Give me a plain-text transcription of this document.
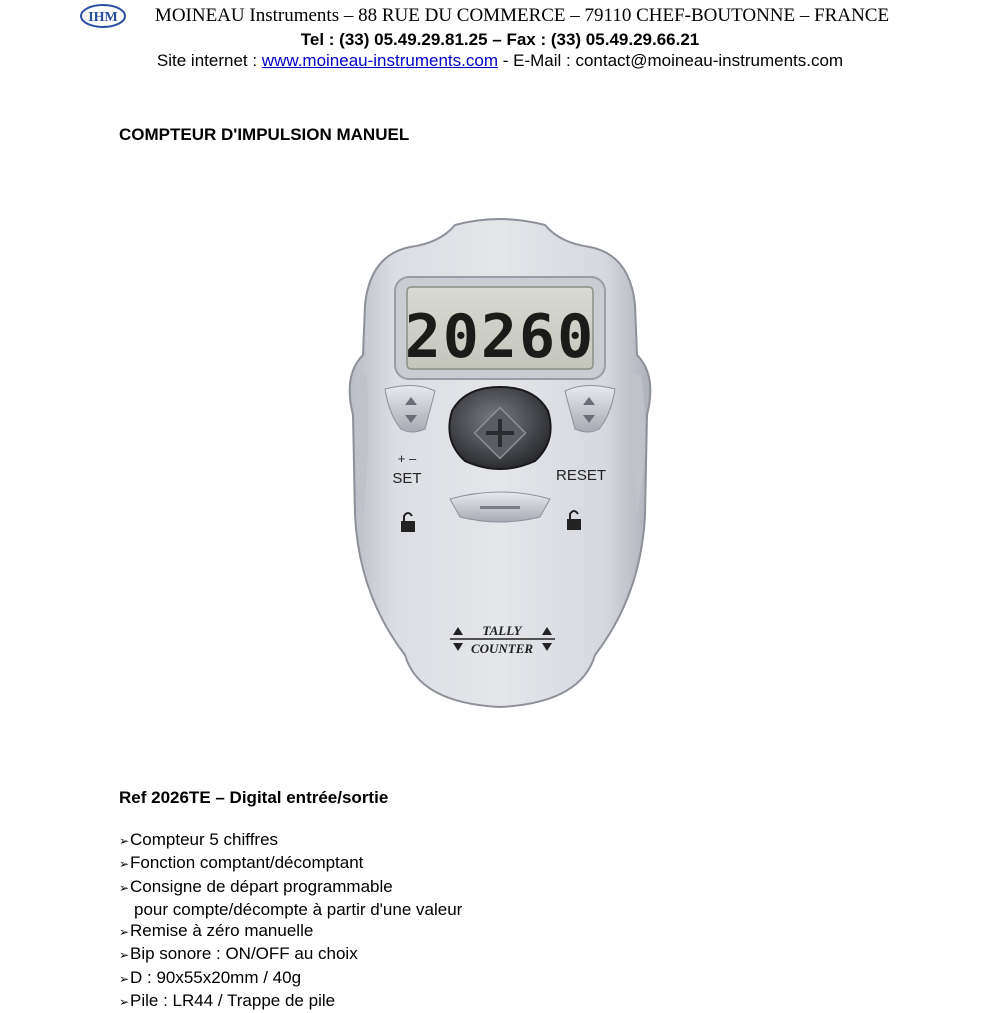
IHM	MOINEAU Instruments – 88 RUE DU COMMERCE – 79110 CHEF-BOUTONNE – FRANCE
Tel : (33) 05.49.29.81.25 – Fax : (33) 05.49.29.66.21
Site internet : www.moineau-instruments.com - E-Mail : contact@moineau-instruments.com
COMPTEUR D'IMPULSION MANUEL
20260
+ –
SET	RESET
TALLY
COUNTER
Ref 2026TE – Digital entrée/sortie
➢Compteur 5 chiffres
➢Fonction comptant/décomptant
➢Consigne de départ programmable
pour compte/décompte à partir d'une valeur
➢Remise à zéro manuelle
➢Bip sonore : ON/OFF au choix
➢D : 90x55x20mm / 40g
➢Pile : LR44 / Trappe de pile
